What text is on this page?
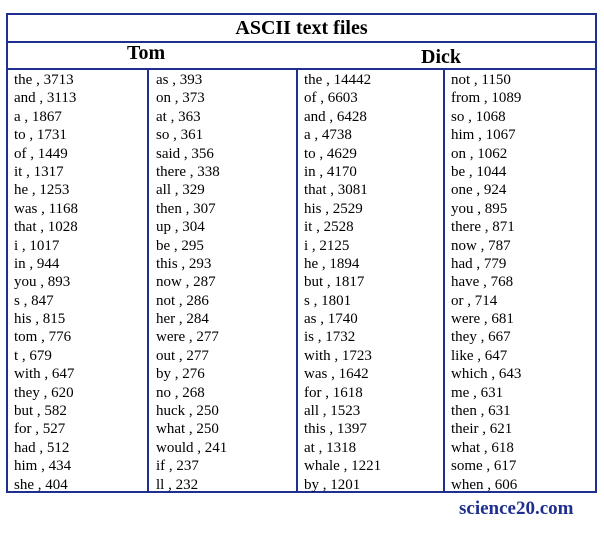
ASCII text files
Tom	Dick
the , 3713
and , 3113
a , 1867
to , 1731
of , 1449
it , 1317
he , 1253
was , 1168
that , 1028
i , 1017
in , 944
you , 893
s , 847
his , 815
tom , 776
t , 679
with , 647
they , 620
but , 582
for , 527
had , 512
him , 434
she , 404
as , 393
on , 373
at , 363
so , 361
said , 356
there , 338
all , 329
then , 307
up , 304
be , 295
this , 293
now , 287
not , 286
her , 284
were , 277
out , 277
by , 276
no , 268
huck , 250
what , 250
would , 241
if , 237
ll , 232
the , 14442
of , 6603
and , 6428
a , 4738
to , 4629
in , 4170
that , 3081
his , 2529
it , 2528
i , 2125
he , 1894
but , 1817
s , 1801
as , 1740
is , 1732
with , 1723
was , 1642
for , 1618
all , 1523
this , 1397
at , 1318
whale , 1221
by , 1201
not , 1150
from , 1089
so , 1068
him , 1067
on , 1062
be , 1044
one , 924
you , 895
there , 871
now , 787
had , 779
have , 768
or , 714
were , 681
they , 667
like , 647
which , 643
me , 631
then , 631
their , 621
what , 618
some , 617
when , 606
science20.com
